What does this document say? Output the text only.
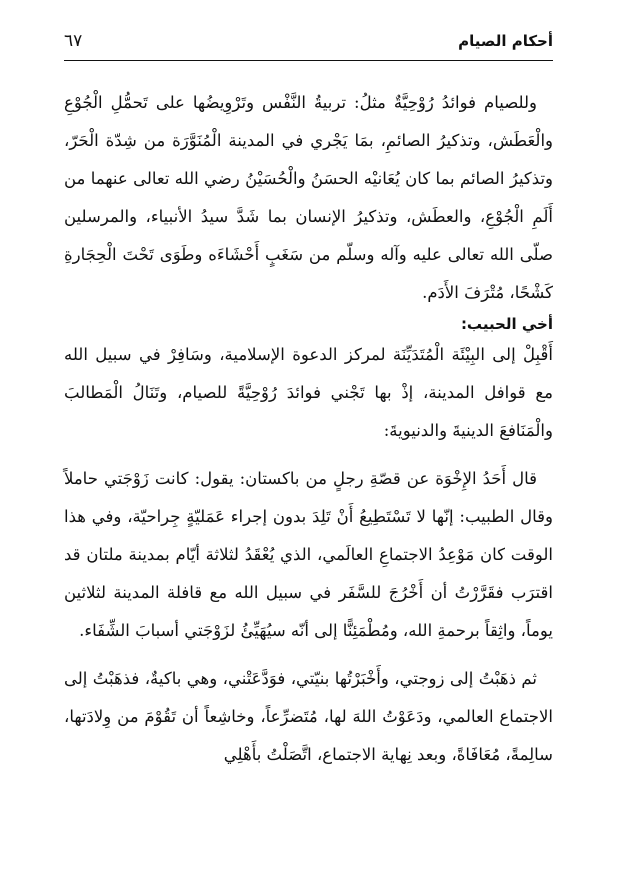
أحكام الصيام
٦٧

وللصيام فوائدُ رُوْحِيَّةٌ مثلُ: تربيةُ النَّفْس وتَرْوِيضُها على تَحمُّلِ الْجُوْعِ والْعَطَش، وتذكيرُ الصائمِ، بمَا يَجْري في المدينة الْمُنَوَّرَة من شِدّة الْحَرّ، وتذكيرُ الصائم بما كان يُعَانيْه الحسَنُ والْحُسَيْنُ رضي الله تعالى عنهما من أَلَمِ الْجُوْعِ، والعطَش، وتذكيرُ الإنسان بما شَدَّ سيدُ الأنبياء، والمرسلين صلّى الله تعالى عليه وآله وسلّم من سَغَبٍ أَحْشَاءَه وطَوَى تَحْتَ الْحِجَارةِ كَشْحًا، مُتْرَفَ الأَدَم.

أخي الحبيب:

أَقْبِلْ إلى البِيْئَة الْمُتَدَيِّنَة لمركز الدعوة الإسلامية، وسَافِرْ في سبيل الله مع قوافل المدينة، إذْ بها تَجْني فوائدَ رُوْحِيَّةً للصيام، وتَنَالُ الْمَطالبَ والْمَنَافعَ الدينيةَ والدنيويةَ:

قال أَحَدُ الإِخْوَة عن قصّةِ رجلٍ من باكستان: يقول: كانت زَوْجَتي حاملاً وقال الطبيب: إنّها لا تَسْتَطِيعُ أَنْ تَلِدَ بدون إجراء عَمَليّةٍ جِراحيّة، وفي هذا الوقت كان مَوْعِدُ الاجتماعِ العالَمي، الذي يُعْقَدُ لثلاثة أيّام بمدينة ملتان قد اقترَب فقَرَّرْتُ أن أَخْرُجَ للسَّفَر في سبيل الله مع قافلة المدينة لثلاثين يوماً، واثِقاً برحمةِ الله، ومُطْمَئِنًّا إلى أنّه سيُهَيِّئُ لزَوْجَتي أسبابَ الشِّفَاء.

ثم ذهَبْتُ إلى زوجتي، وأَخْبَرْتُها بنيّتي، فوَدَّعَتْني، وهي باكيةٌ، فذهَبْتُ إلى الاجتماع العالمي، ودَعَوْتُ اللهَ لها، مُتَضرِّعاً، وخاشِعاً أن تَقُوْمَ من وِلادَتها، سالِمةً، مُعَافَاةً، وبعد نِهاية الاجتماع، اتَّصَلْتُ بأَهْلِي
